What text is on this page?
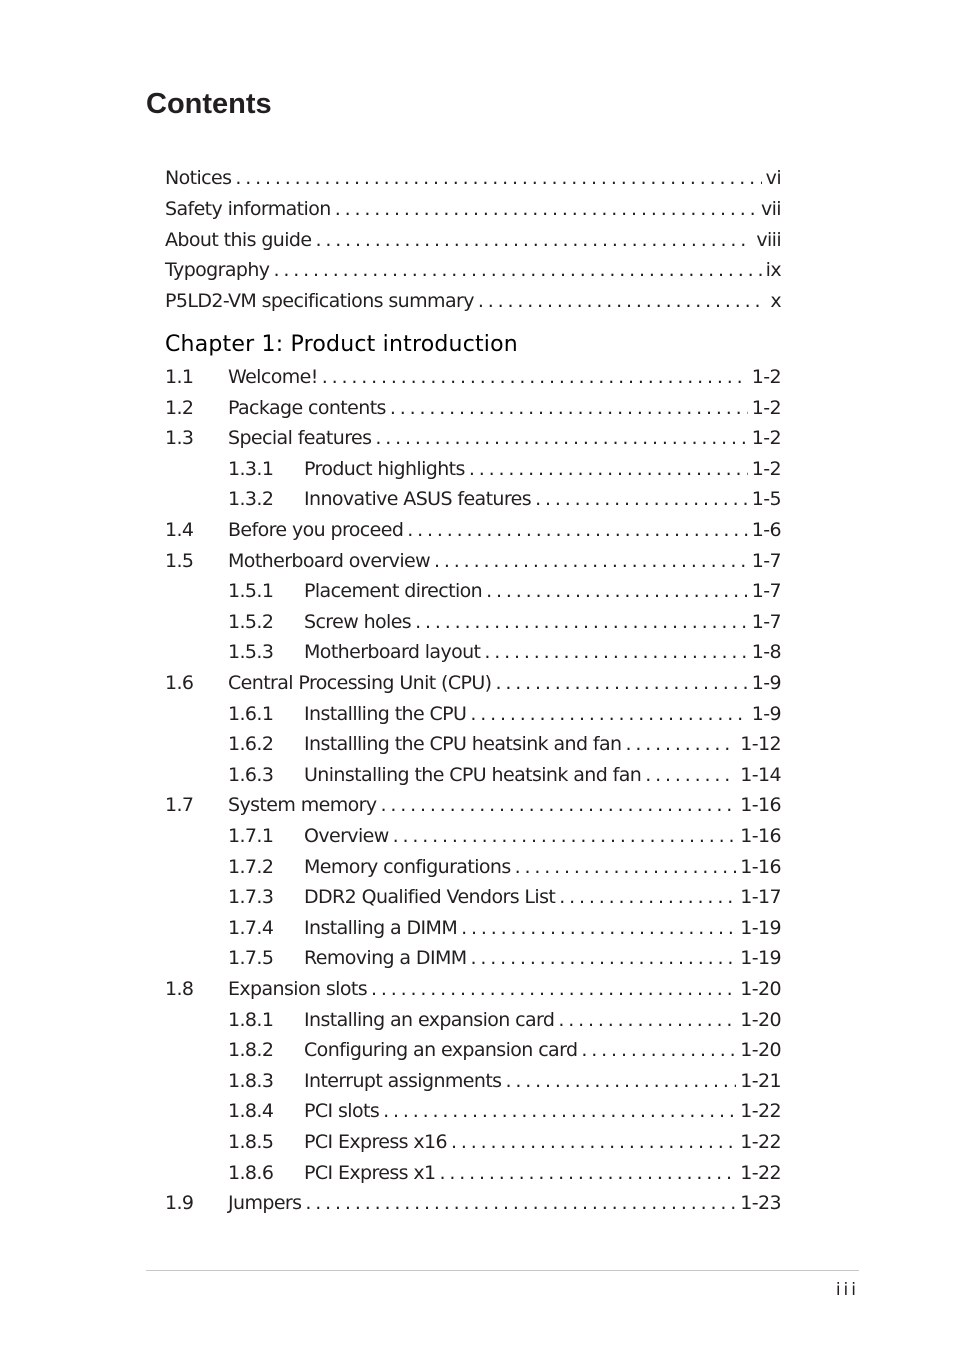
Contents
Chapter 1: Product introduction
Notices . . .	vi
Safety information . . .	vii
About this guide . . .	viii
Typography . . .	ix
P5LD2-VM specifications summary . . .	x
1.1	Welcome! . . .	1-2
1.2	Package contents . . .	1-2
1.3	Special features . . .	1-2
1.3.1	Product highlights . . .	1-2
1.3.2	Innovative ASUS features . . .	1-5
1.4	Before you proceed . . .	1-6
1.5	Motherboard overview . . .	1-7
1.5.1	Placement direction . . .	1-7
1.5.2	Screw holes . . .	1-7
1.5.3	Motherboard layout . . .	1-8
1.6	Central Processing Unit (CPU) . . .	1-9
1.6.1	Installling the CPU . . .	1-9
1.6.2	Installling the CPU heatsink and fan . . .	1-12
1.6.3	Uninstalling the CPU heatsink and fan . . .	1-14
1.7	System memory . . .	1-16
1.7.1	Overview . . .	1-16
1.7.2	Memory configurations . . .	1-16
1.7.3	DDR2 Qualified Vendors List . . .	1-17
1.7.4	Installing a DIMM . . .	1-19
1.7.5	Removing a DIMM . . .	1-19
1.8	Expansion slots . . .	1-20
1.8.1	Installing an expansion card . . .	1-20
1.8.2	Configuring an expansion card . . .	1-20
1.8.3	Interrupt assignments . . .	1-21
1.8.4	PCI slots . . .	1-22
1.8.5	PCI Express x16 . . .	1-22
1.8.6	PCI Express x1 . . .	1-22
1.9	Jumpers . . .	1-23
iii
